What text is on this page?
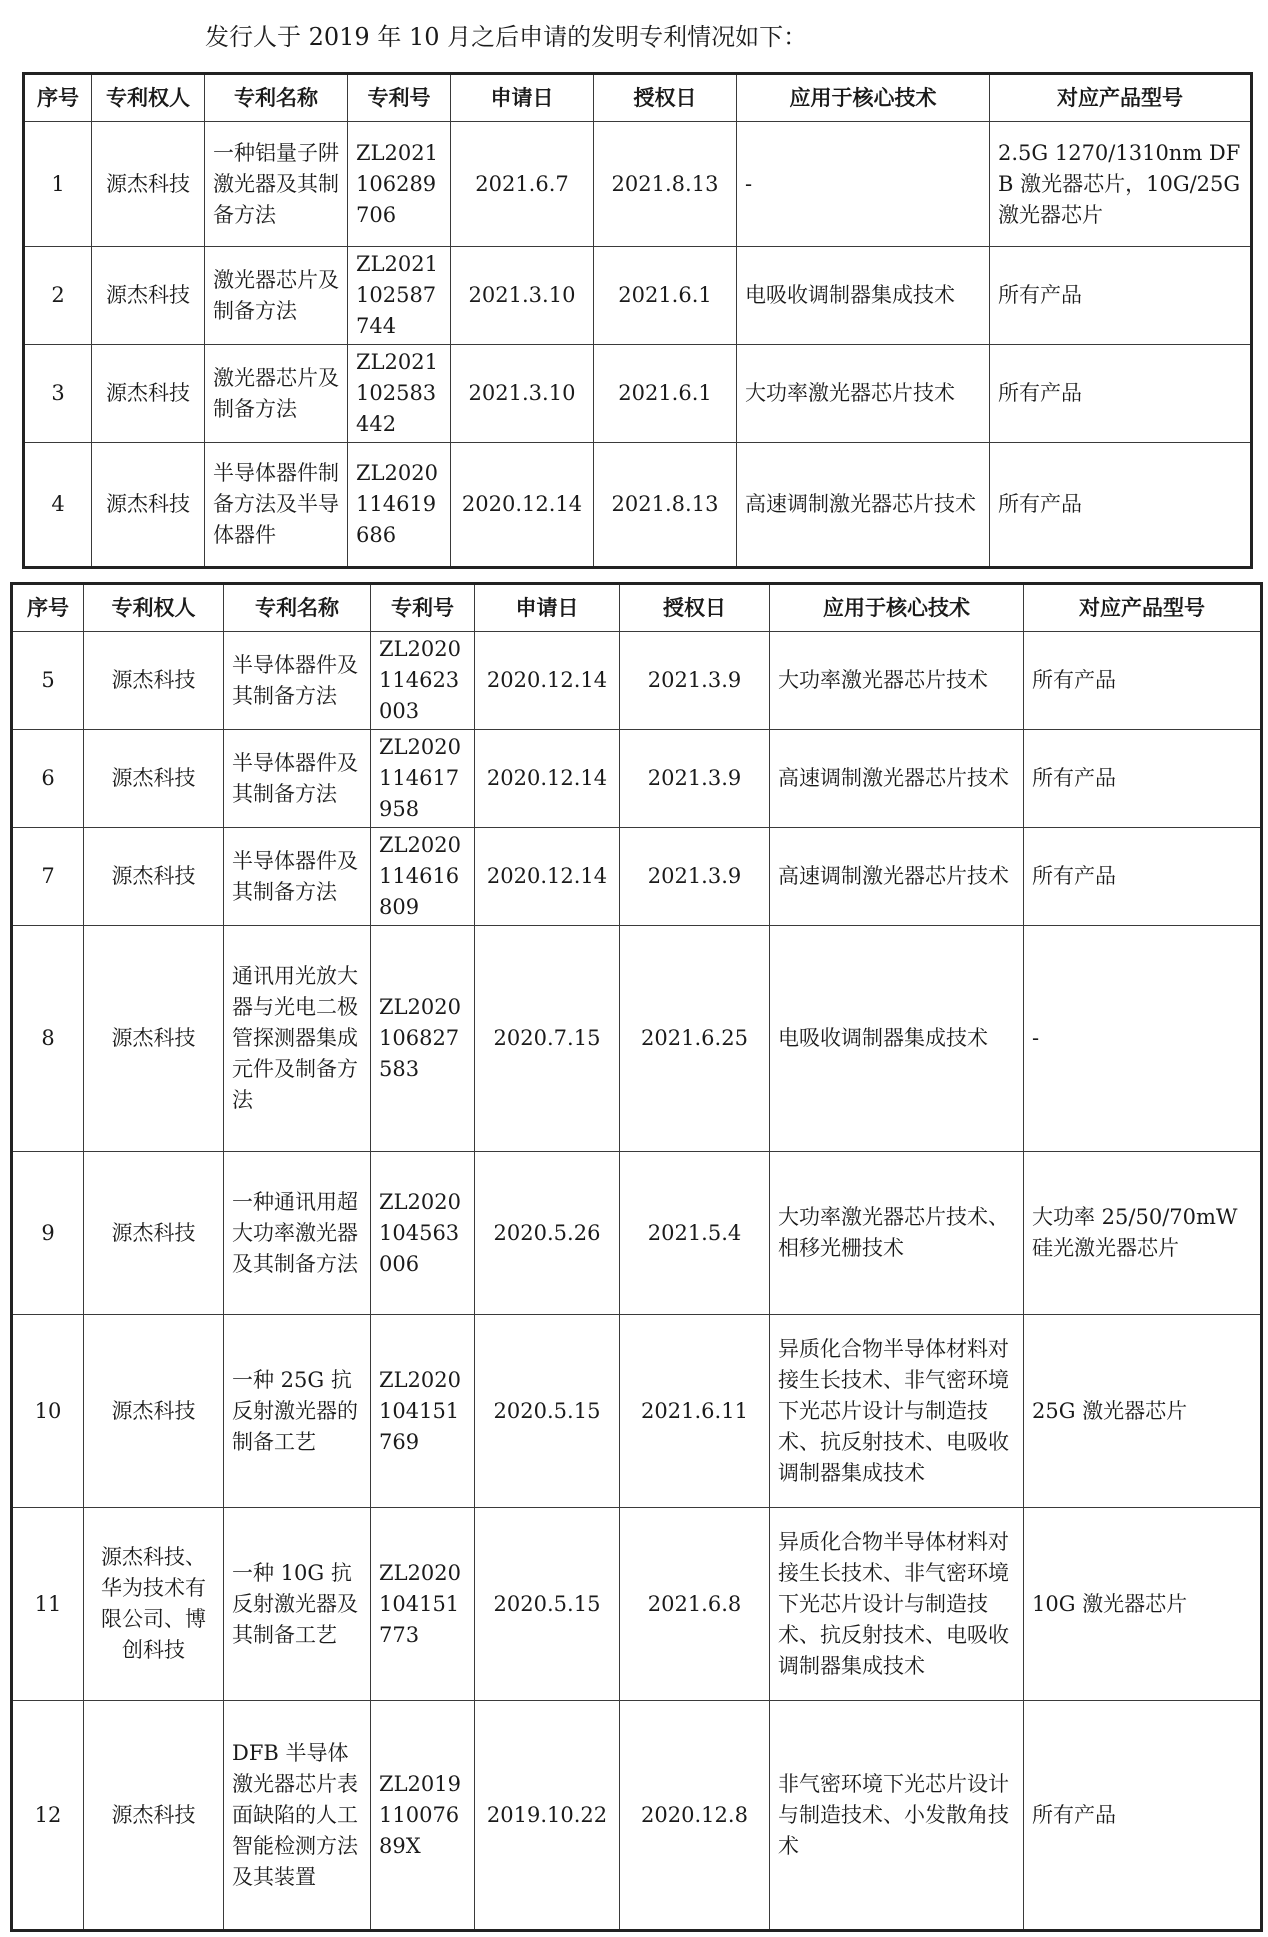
发行人于 2019 年 10 月之后申请的发明专利情况如下：
序号	专利权人	专利名称	专利号	申请日	授权日	应用于核心技术	对应产品型号
1	源杰科技	一种铝量子阱激光器及其制备方法	ZL2021106289706	2021.6.7	2021.8.13	-	2.5G 1270/1310nm DFB 激光器芯片，10G/25G 激光器芯片
2	源杰科技	激光器芯片及制备方法	ZL2021102587744	2021.3.10	2021.6.1	电吸收调制器集成技术	所有产品
3	源杰科技	激光器芯片及制备方法	ZL2021102583442	2021.3.10	2021.6.1	大功率激光器芯片技术	所有产品
4	源杰科技	半导体器件制备方法及半导体器件	ZL2020114619686	2020.12.14	2021.8.13	高速调制激光器芯片技术	所有产品
序号	专利权人	专利名称	专利号	申请日	授权日	应用于核心技术	对应产品型号
5	源杰科技	半导体器件及其制备方法	ZL2020114623003	2020.12.14	2021.3.9	大功率激光器芯片技术	所有产品
6	源杰科技	半导体器件及其制备方法	ZL2020114617958	2020.12.14	2021.3.9	高速调制激光器芯片技术	所有产品
7	源杰科技	半导体器件及其制备方法	ZL2020114616809	2020.12.14	2021.3.9	高速调制激光器芯片技术	所有产品
8	源杰科技	通讯用光放大器与光电二极管探测器集成元件及制备方法	ZL2020106827583	2020.7.15	2021.6.25	电吸收调制器集成技术	-
9	源杰科技	一种通讯用超大功率激光器及其制备方法	ZL2020104563006	2020.5.26	2021.5.4	大功率激光器芯片技术、相移光栅技术	大功率 25/50/70mW 硅光激光器芯片
10	源杰科技	一种 25G 抗反射激光器的制备工艺	ZL2020104151769	2020.5.15	2021.6.11	异质化合物半导体材料对接生长技术、非气密环境下光芯片设计与制造技术、抗反射技术、电吸收调制器集成技术	25G 激光器芯片
11	源杰科技、华为技术有限公司、博创科技	一种 10G 抗反射激光器及其制备工艺	ZL2020104151773	2020.5.15	2021.6.8	异质化合物半导体材料对接生长技术、非气密环境下光芯片设计与制造技术、抗反射技术、电吸收调制器集成技术	10G 激光器芯片
12	源杰科技	DFB 半导体激光器芯片表面缺陷的人工智能检测方法及其装置	ZL201911007689X	2019.10.22	2020.12.8	非气密环境下光芯片设计与制造技术、小发散角技术	所有产品
